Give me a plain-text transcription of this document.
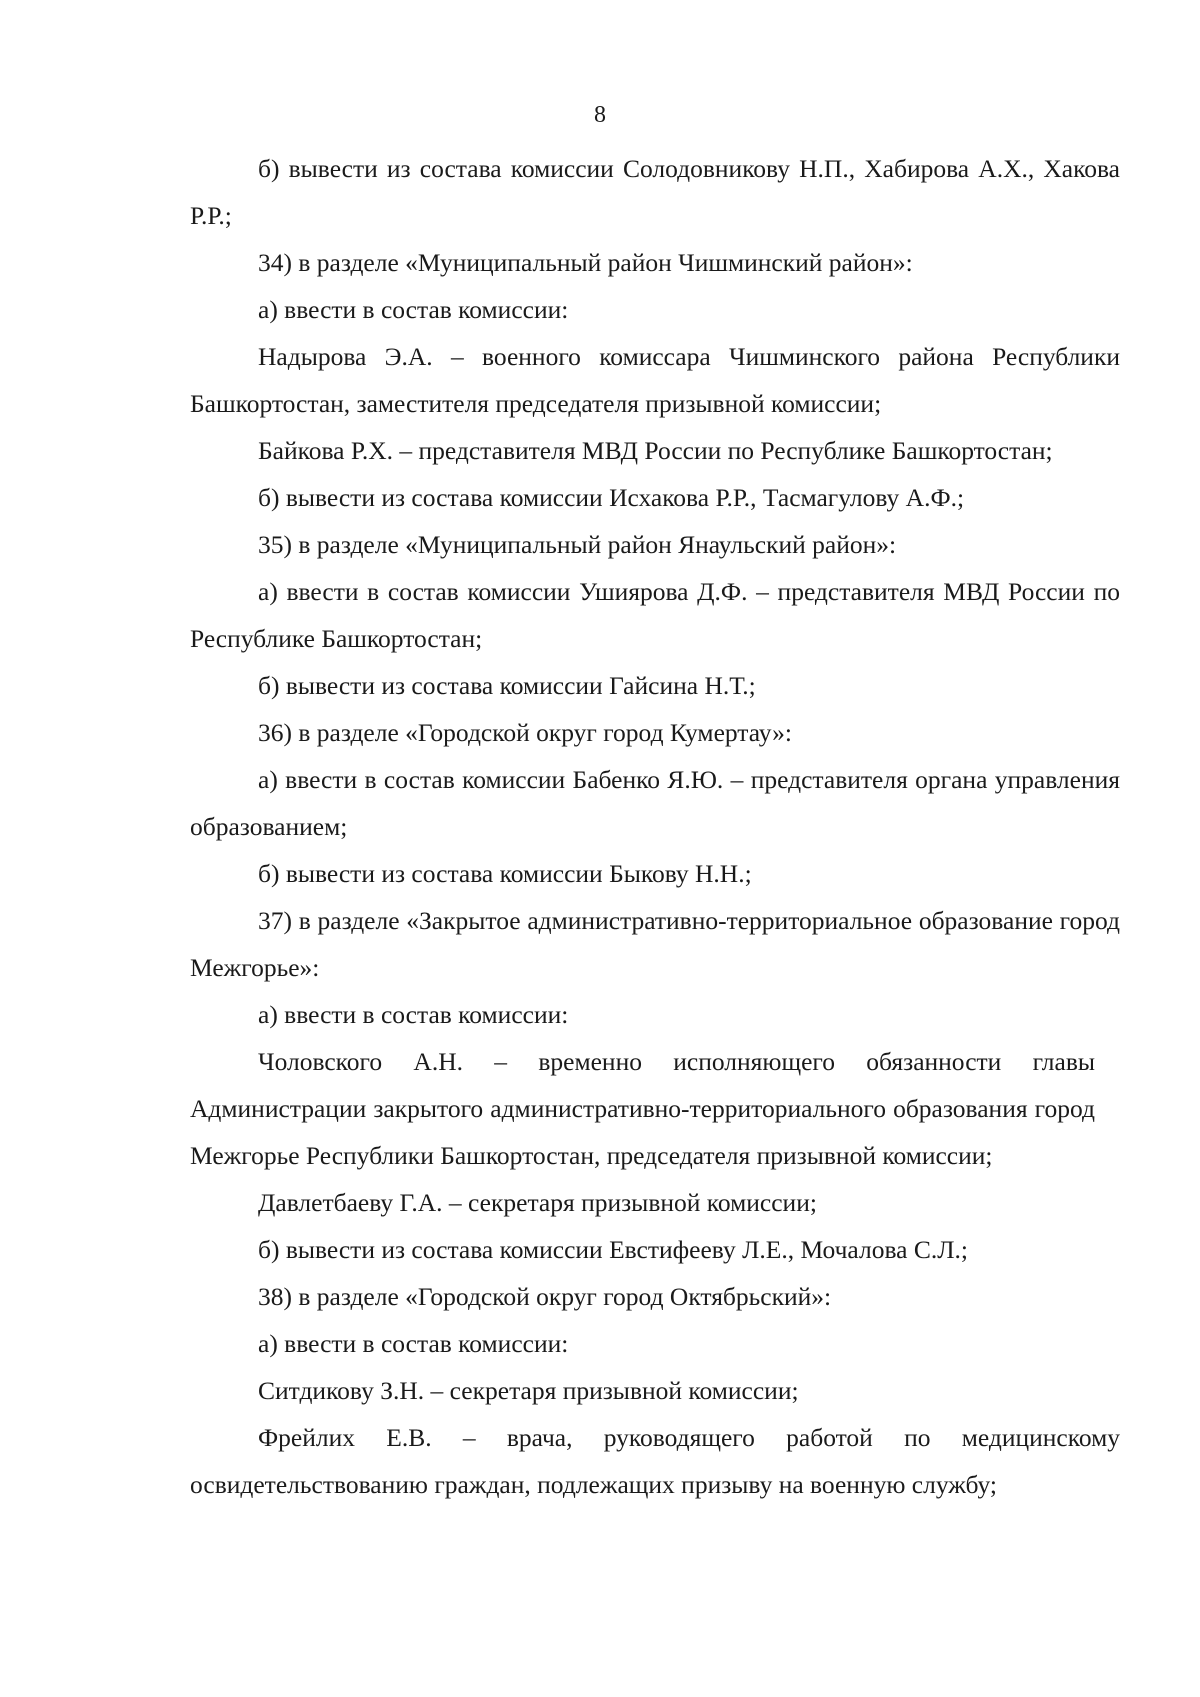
8

б) вывести из состава комиссии Солодовникову Н.П., Хабирова А.Х., Хакова Р.Р.;

34) в разделе «Муниципальный район Чишминский район»:

а) ввести в состав комиссии:

Надырова Э.А. – военного комиссара Чишминского района Республики Башкортостан, заместителя председателя призывной комиссии;

Байкова Р.Х. – представителя МВД России по Республике Башкортостан;

б) вывести из состава комиссии Исхакова Р.Р., Тасмагулову А.Ф.;

35) в разделе «Муниципальный район Янаульский район»:

а) ввести в состав комиссии Ушиярова Д.Ф. – представителя МВД России по Республике Башкортостан;

б) вывести из состава комиссии Гайсина Н.Т.;

36) в разделе «Городской округ город Кумертау»:

а) ввести в состав комиссии Бабенко Я.Ю. – представителя органа управления образованием;

б) вывести из состава комиссии Быкову Н.Н.;

37) в разделе «Закрытое административно-территориальное образование город Межгорье»:

а) ввести в состав комиссии:

Чоловского А.Н. – временно исполняющего обязанности главы Администрации закрытого административно-территориального образования город Межгорье Республики Башкортостан, председателя призывной комиссии;

Давлетбаеву Г.А. – секретаря призывной комиссии;

б) вывести из состава комиссии Евстифееву Л.Е., Мочалова С.Л.;

38) в разделе «Городской округ город Октябрьский»:

а) ввести в состав комиссии:

Ситдикову З.Н. – секретаря призывной комиссии;

Фрейлих Е.В. – врача, руководящего работой по медицинскому освидетельствованию граждан, подлежащих призыву на военную службу;
